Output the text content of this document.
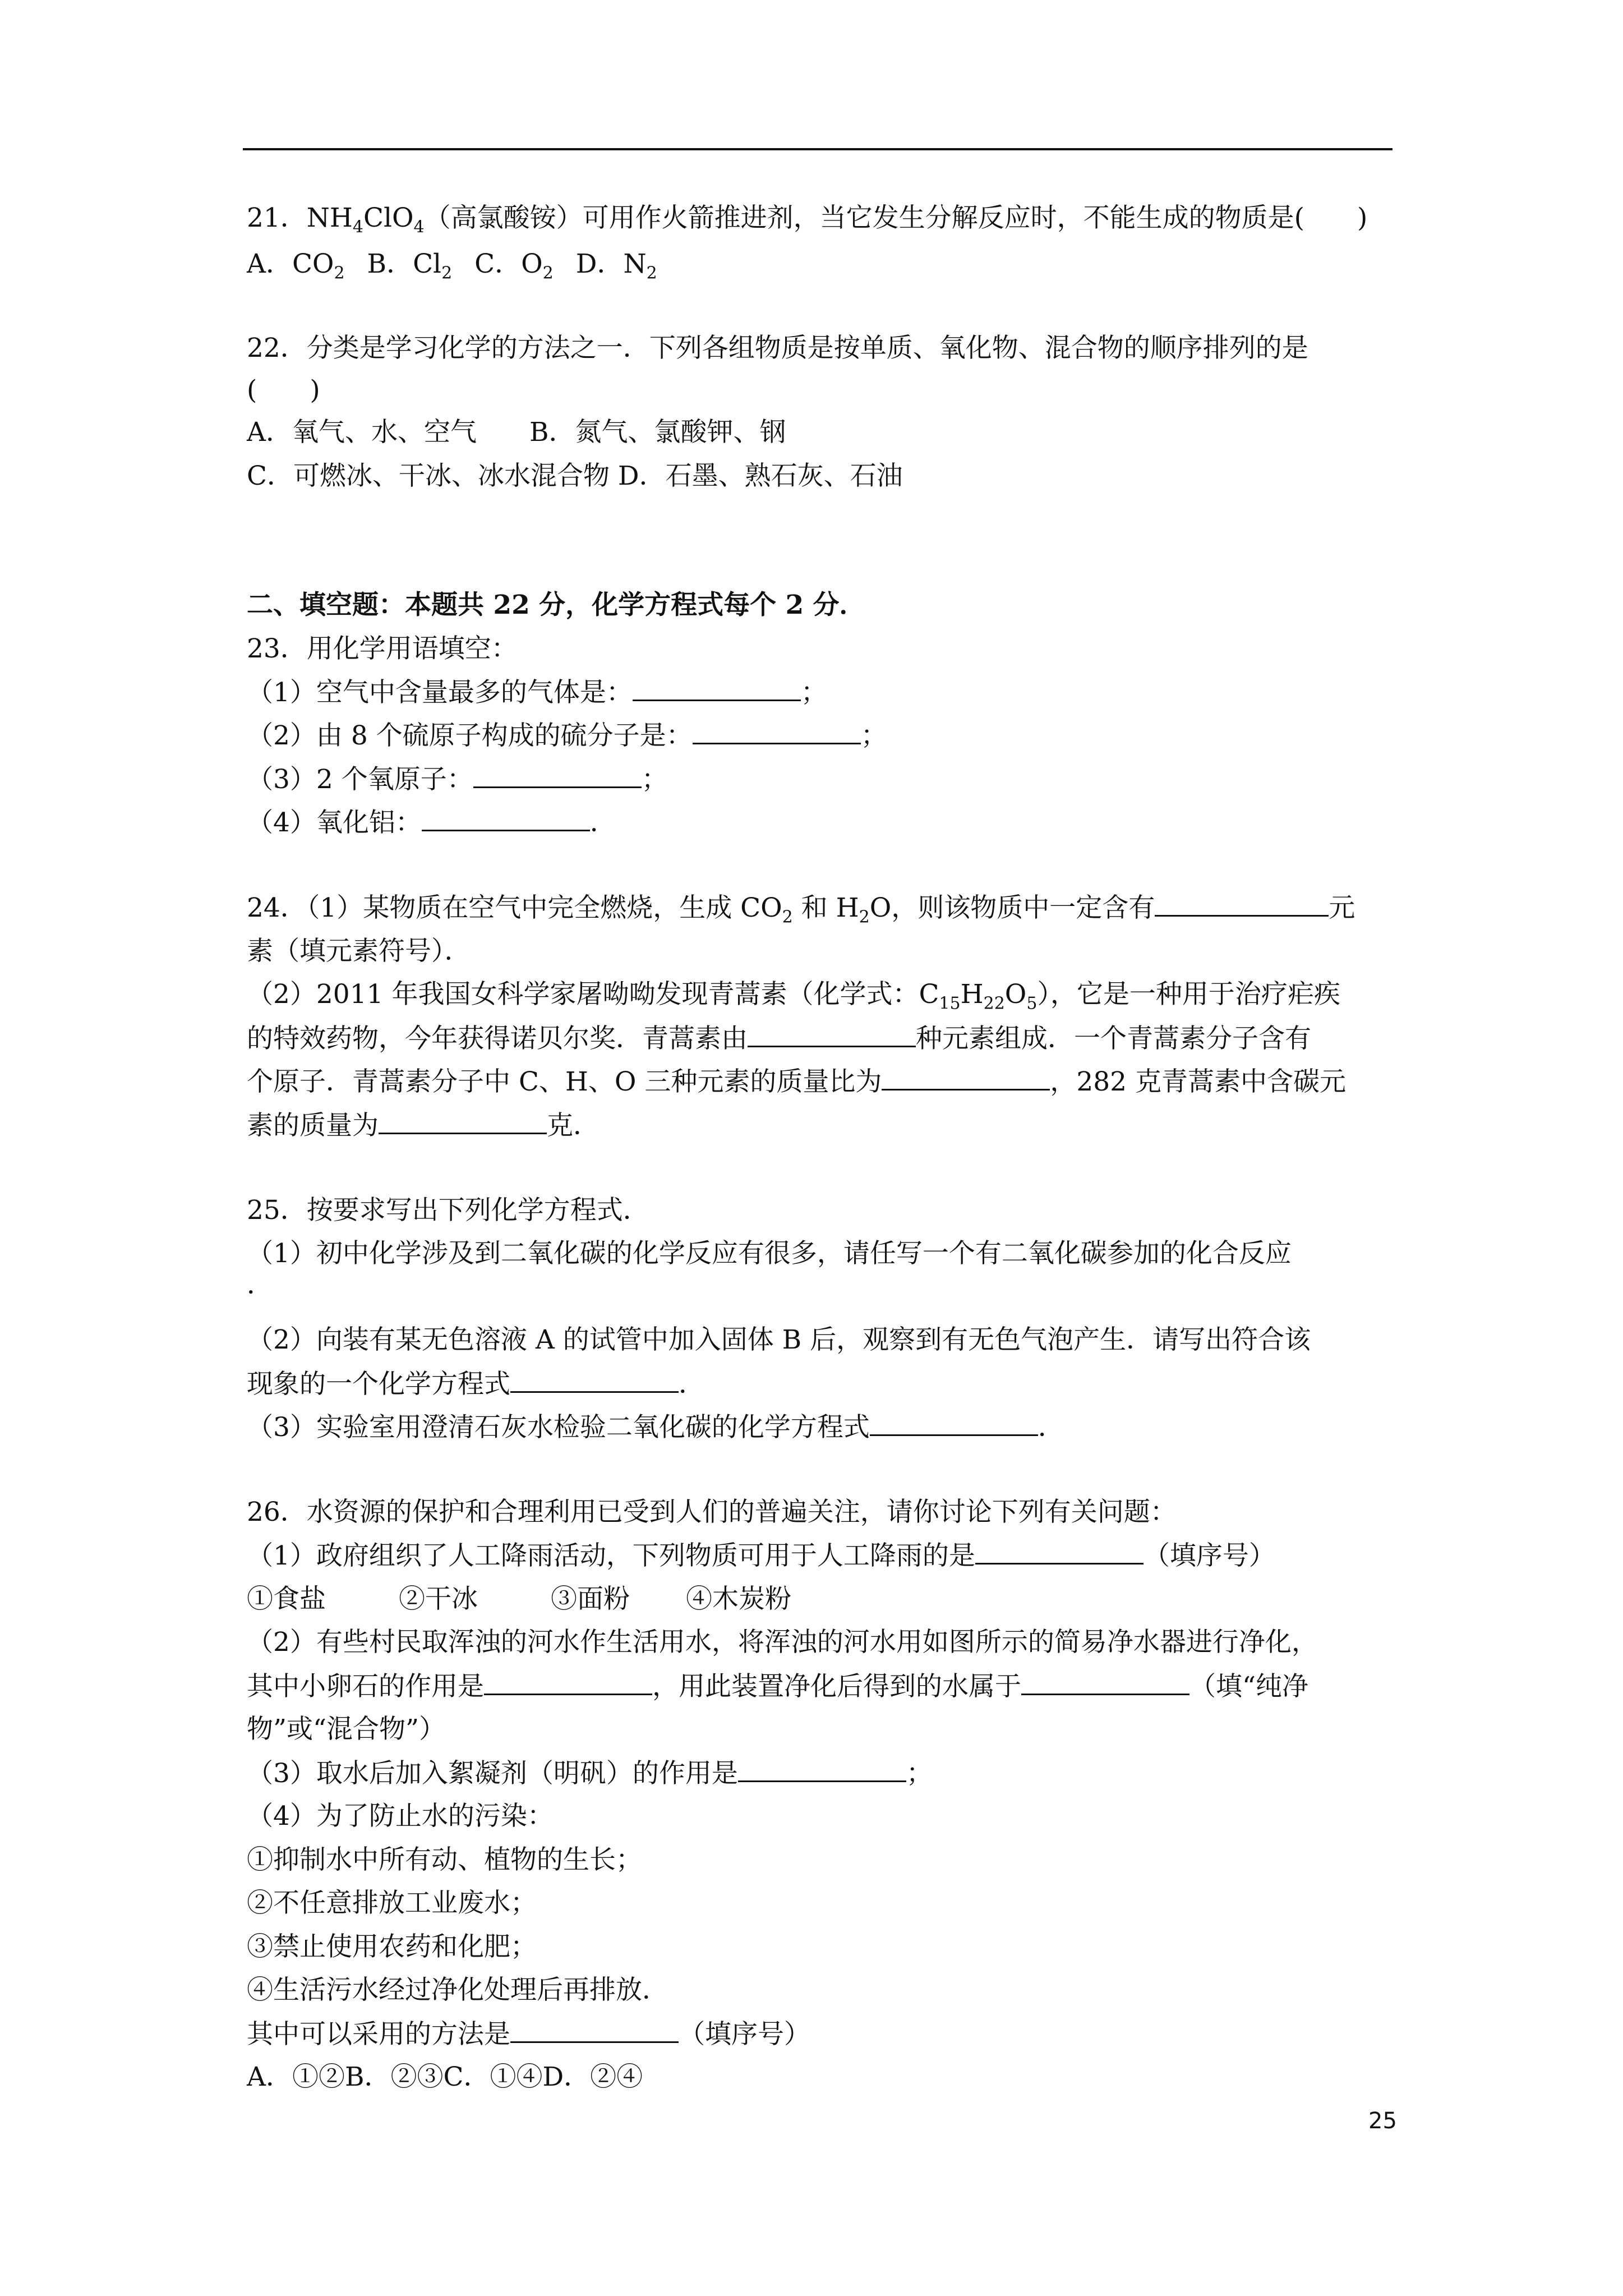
21．$NH_4ClO_4$（高氯酸铵）可用作火箭推进剂，当它发生分解反应时，不能生成的物质是(　　)
A．$CO_2$ B．$Cl_2$ C．$O_2$ D．$N_2$
22．分类是学习化学的方法之一．下列各组物质是按单质、氧化物、混合物的顺序排列的是
(　　)
A．氧气、水、空气　　B．氮气、氯酸钾、钢
C．可燃冰、干冰、冰水混合物 D．石墨、熟石灰、石油
二、填空题：本题共 22 分，化学方程式每个 2 分．
23．用化学用语填空：
（1）空气中含量最多的气体是：	；
（2）由 8 个硫原子构成的硫分子是：	；
（3）2 个氧原子：	；
（4）氧化铝：	．
24．（1）某物质在空气中完全燃烧，生成 $CO_2$ 和 $H_2O$，则该物质中一定含有	元
素（填元素符号）．
（2）2011 年我国女科学家屠呦呦发现青蒿素（化学式：$C_{15}H_{22}O_5$），它是一种用于治疗疟疾
的特效药物，今年获得诺贝尔奖．青蒿素由	种元素组成．一个青蒿素分子含有
个原子．青蒿素分子中 C、H、O 三种元素的质量比为	，282 克青蒿素中含碳元
素的质量为	克．
25．按要求写出下列化学方程式．
（1）初中化学涉及到二氧化碳的化学反应有很多，请任写一个有二氧化碳参加的化合反应
．
（2）向装有某无色溶液 A 的试管中加入固体 B 后，观察到有无色气泡产生．请写出符合该
现象的一个化学方程式	．
（3）实验室用澄清石灰水检验二氧化碳的化学方程式	．
26．水资源的保护和合理利用已受到人们的普遍关注，请你讨论下列有关问题：
（1）政府组织了人工降雨活动，下列物质可用于人工降雨的是	（填序号）
①食盐	②干冰	③面粉 ④木炭粉
（2）有些村民取浑浊的河水作生活用水，将浑浊的河水用如图所示的简易净水器进行净化，
其中小卵石的作用是	，用此装置净化后得到的水属于	（填“纯净
物”或“混合物”）
（3）取水后加入絮凝剂（明矾）的作用是	；
（4）为了防止水的污染：
①抑制水中所有动、植物的生长；
②不任意排放工业废水；
③禁止使用农药和化肥；
④生活污水经过净化处理后再排放．
其中可以采用的方法是	（填序号）
A．①②B．②③C．①④D．②④
25
